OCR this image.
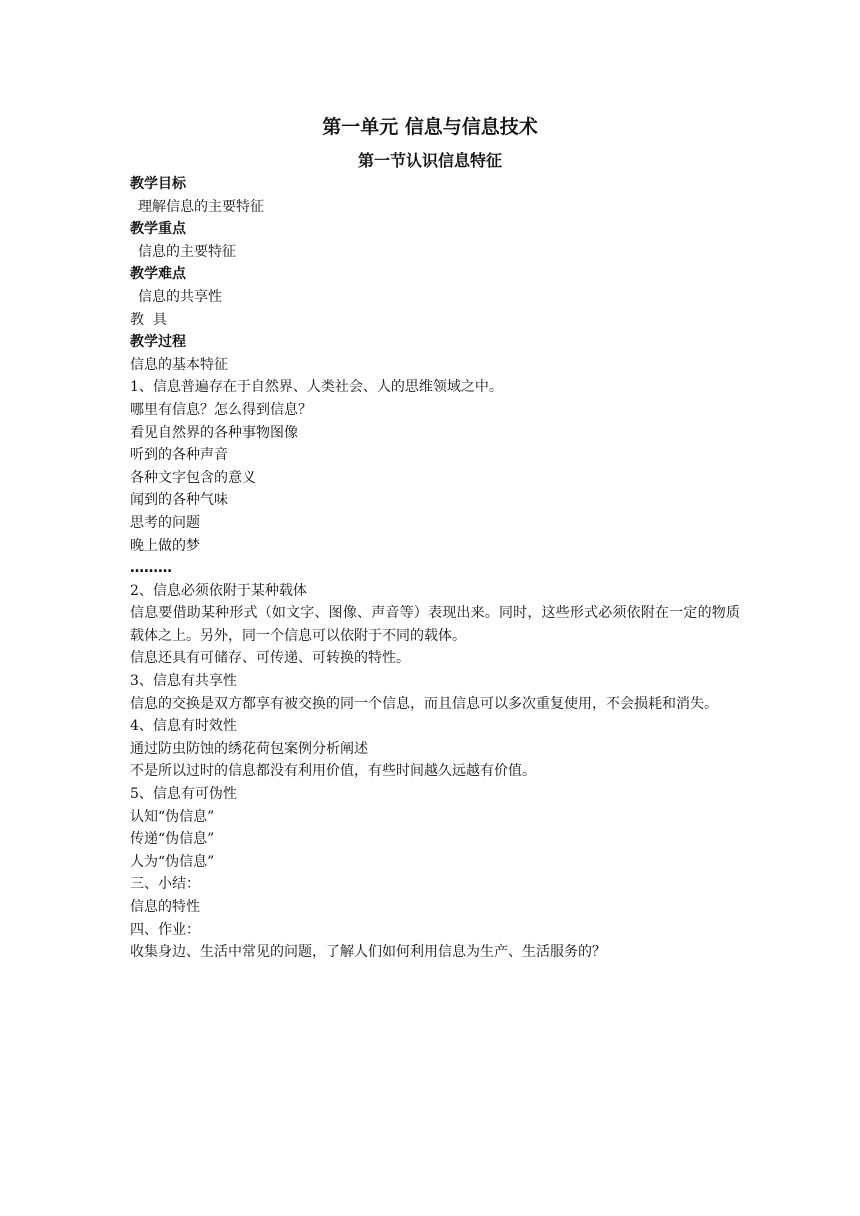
第一单元 信息与信息技术
第一节认识信息特征
教学目标
理解信息的主要特征
教学重点
信息的主要特征
教学难点
信息的共享性
教  具
教学过程
信息的基本特征
1、信息普遍存在于自然界、人类社会、人的思维领域之中。
哪里有信息？怎么得到信息？
看见自然界的各种事物图像
听到的各种声音
各种文字包含的意义
闻到的各种气味
思考的问题
晚上做的梦
………
2、信息必须依附于某种载体
信息要借助某种形式（如文字、图像、声音等）表现出来。同时，这些形式必须依附在一定的物质载体之上。另外，同一个信息可以依附于不同的载体。
信息还具有可储存、可传递、可转换的特性。
3、信息有共享性
信息的交换是双方都享有被交换的同一个信息，而且信息可以多次重复使用，不会损耗和消失。
4、信息有时效性
通过防虫防蚀的绣花荷包案例分析阐述
不是所以过时的信息都没有利用价值，有些时间越久远越有价值。
5、信息有可伪性
认知“伪信息”
传递“伪信息”
人为“伪信息”
三、小结：
信息的特性
四、作业：
收集身边、生活中常见的问题，了解人们如何利用信息为生产、生活服务的？
